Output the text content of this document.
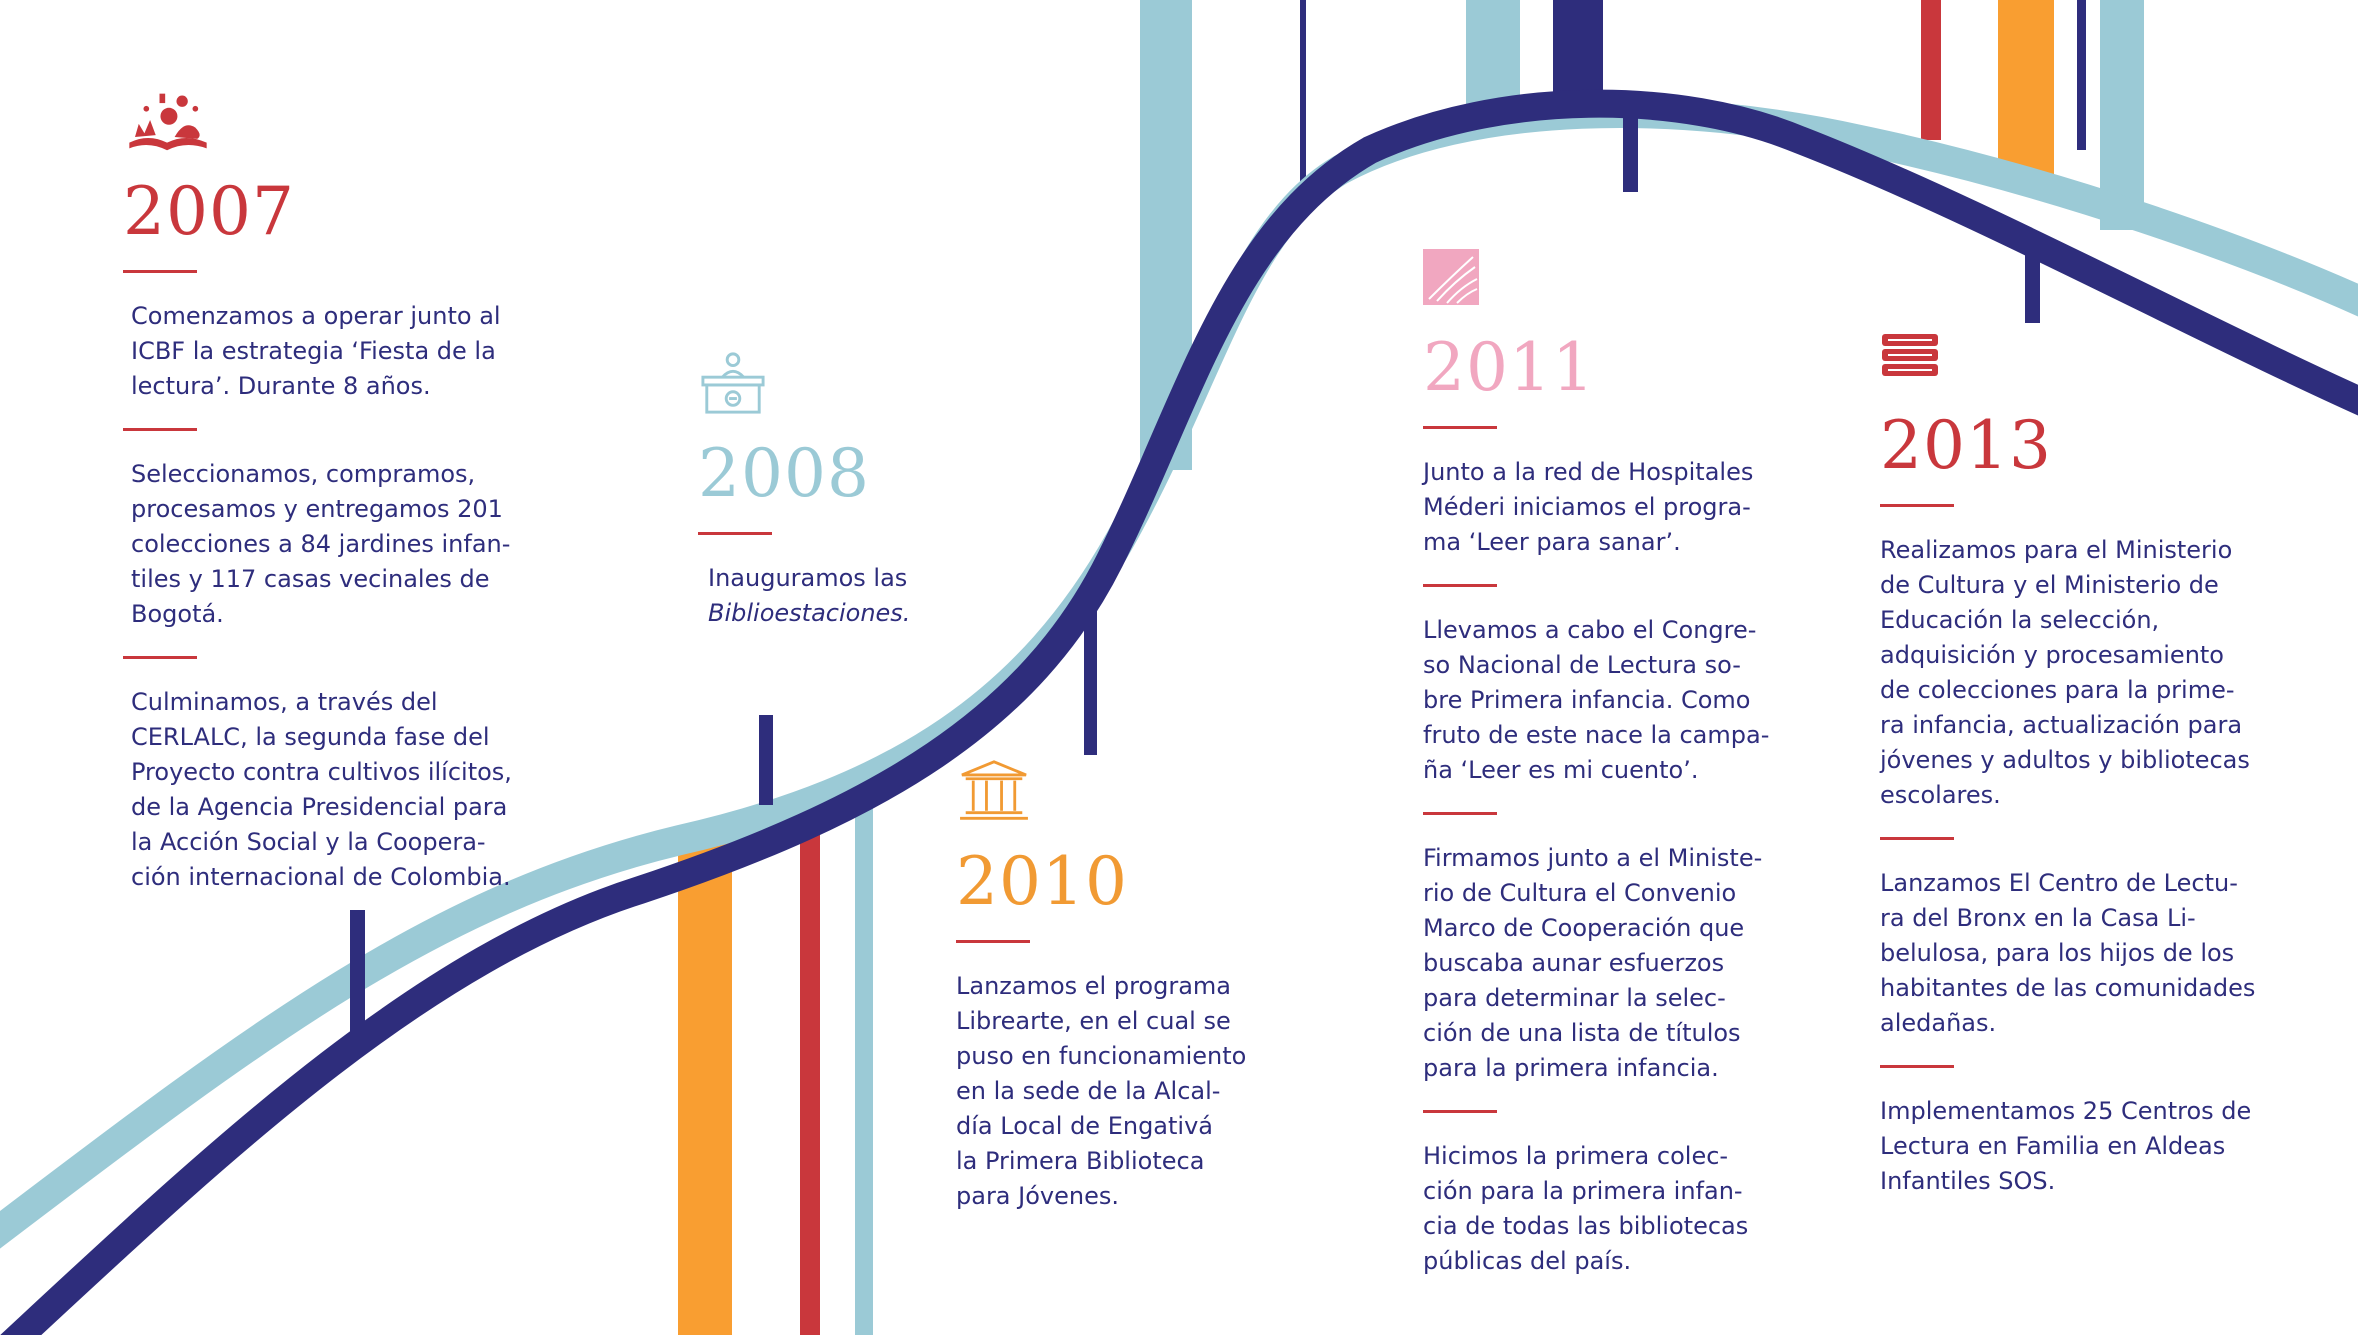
2007

Comenzamos a operar junto al
ICBF la estrategia ‘Fiesta de la
lectura’. Durante 8 años.

Seleccionamos, compramos,
procesamos y entregamos 201
colecciones a 84 jardines infan-
tiles y 117 casas vecinales de
Bogotá.

Culminamos, a través del
CERLALC, la segunda fase del
Proyecto contra cultivos ilícitos,
de la Agencia Presidencial para
la Acción Social y la Coopera-
ción internacional de Colombia.

2008

Inauguramos las
Biblioestaciones.

2010

Lanzamos el programa
Librearte, en el cual se
puso en funcionamiento
en la sede de la Alcal-
día Local de Engativá
la Primera Biblioteca
para Jóvenes.

2011

Junto a la red de Hospitales
Méderi iniciamos el progra-
ma ‘Leer para sanar’.

Llevamos a cabo el Congre-
so Nacional de Lectura so-
bre Primera infancia. Como
fruto de este nace la campa-
ña ‘Leer es mi cuento’.

Firmamos junto a el Ministe-
rio de Cultura el Convenio
Marco de Cooperación que
buscaba aunar esfuerzos
para determinar la selec-
ción de una lista de títulos
para la primera infancia.

Hicimos la primera colec-
ción para la primera infan-
cia de todas las bibliotecas
públicas del país.

2013

Realizamos para el Ministerio
de Cultura y el Ministerio de
Educación la selección,
adquisición y procesamiento
de colecciones para la prime-
ra infancia, actualización para
jóvenes y adultos y bibliotecas
escolares.

Lanzamos El Centro de Lectu-
ra del Bronx en la Casa Li-
belulosa, para los hijos de los
habitantes de las comunidades
aledañas.

Implementamos 25 Centros de
Lectura en Familia en Aldeas
Infantiles SOS.
